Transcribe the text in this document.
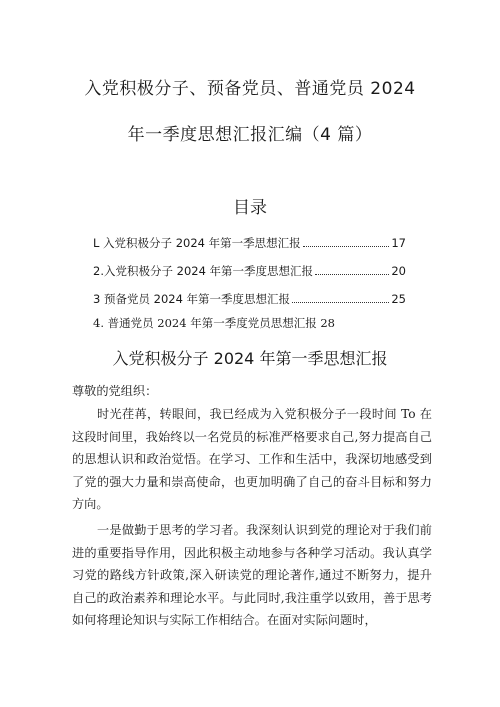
入党积极分子、预备党员、普通党员 2024
年一季度思想汇报汇编（4 篇）
目录
L 入党积极分子 2024 年第一季思想汇报	17
2.入党积极分子 2024 年第一季度思想汇报	20
3 预备党员 2024 年第一季度思想汇报	25
4. 普通党员 2024 年第一季度党员思想汇报 28
入党积极分子 2024 年第一季思想汇报
尊敬的党组织：
时光荏苒，转眼间，我已经成为入党积极分子一段时间 To 在这段时间里，我始终以一名党员的标准严格要求自己,努力提高自己的思想认识和政治觉悟。在学习、工作和生活中，我深切地感受到了党的强大力量和崇高使命，也更加明确了自己的奋斗目标和努力方向。
一是做勤于思考的学习者。我深刻认识到党的理论对于我们前进的重要指导作用，因此积极主动地参与各种学习活动。我认真学习党的路线方针政策,深入研读党的理论著作,通过不断努力，提升自己的政治素养和理论水平。与此同时,我注重学以致用，善于思考如何将理论知识与实际工作相结合。在面对实际问题时，
